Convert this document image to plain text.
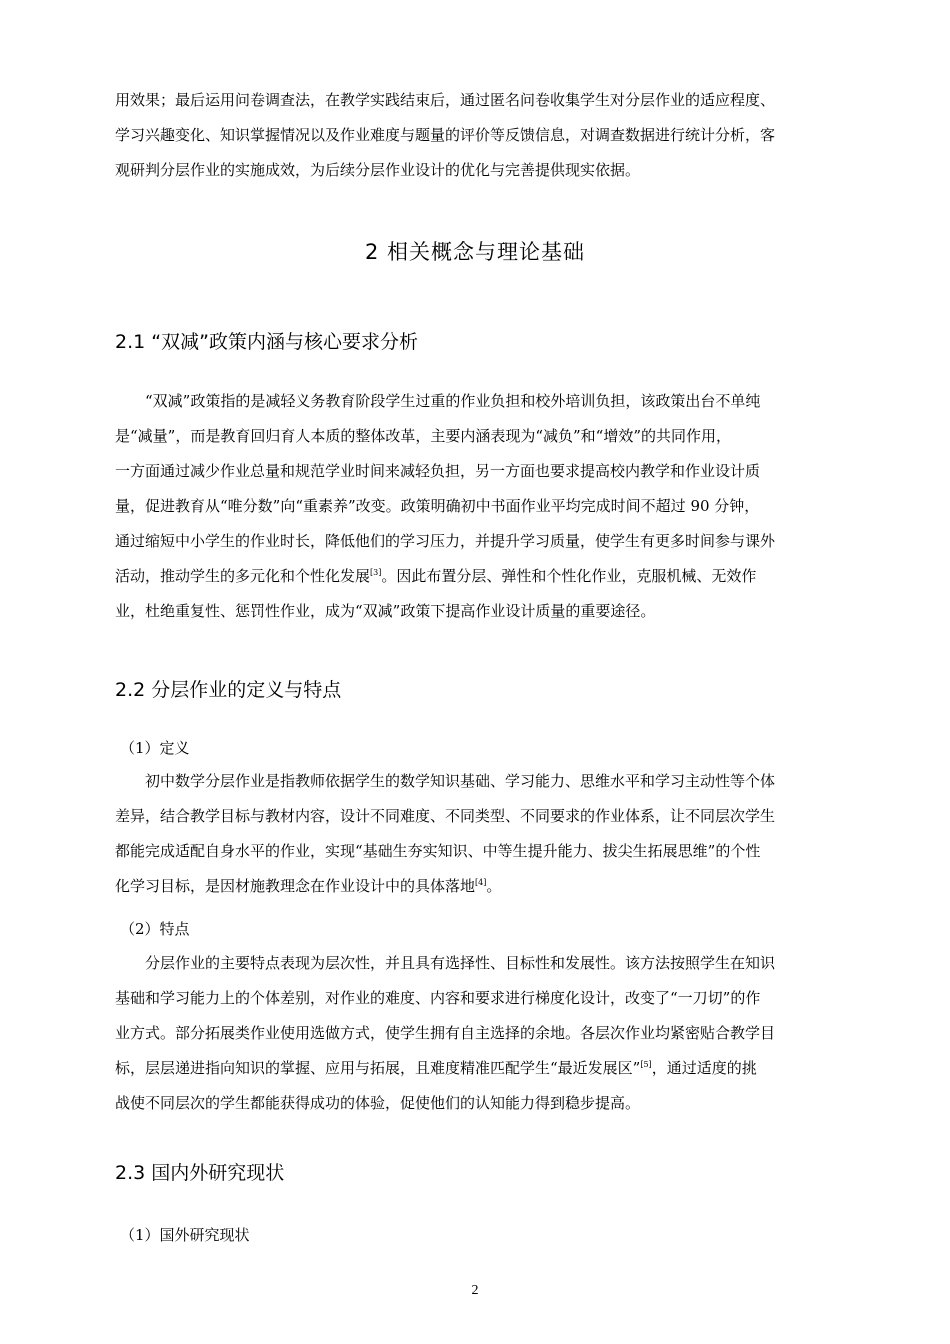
用效果；最后运用问卷调查法，在教学实践结束后，通过匿名问卷收集学生对分层作业的适应程度、
学习兴趣变化、知识掌握情况以及作业难度与题量的评价等反馈信息，对调查数据进行统计分析，客
观研判分层作业的实施成效，为后续分层作业设计的优化与完善提供现实依据。
2 相关概念与理论基础
2.1 “双减”政策内涵与核心要求分析
“双减”政策指的是减轻义务教育阶段学生过重的作业负担和校外培训负担，该政策出台不单纯
是“减量”，而是教育回归育人本质的整体改革，主要内涵表现为“减负”和“增效”的共同作用，
一方面通过减少作业总量和规范学业时间来减轻负担，另一方面也要求提高校内教学和作业设计质
量，促进教育从“唯分数”向“重素养”改变。政策明确初中书面作业平均完成时间不超过 90 分钟，
通过缩短中小学生的作业时长，降低他们的学习压力，并提升学习质量，使学生有更多时间参与课外
活动，推动学生的多元化和个性化发展[3]。因此布置分层、弹性和个性化作业，克服机械、无效作
业，杜绝重复性、惩罚性作业，成为“双减”政策下提高作业设计质量的重要途径。
2.2 分层作业的定义与特点
（1）定义
初中数学分层作业是指教师依据学生的数学知识基础、学习能力、思维水平和学习主动性等个体
差异，结合教学目标与教材内容，设计不同难度、不同类型、不同要求的作业体系，让不同层次学生
都能完成适配自身水平的作业，实现“基础生夯实知识、中等生提升能力、拔尖生拓展思维”的个性
化学习目标，是因材施教理念在作业设计中的具体落地[4]。
（2）特点
分层作业的主要特点表现为层次性，并且具有选择性、目标性和发展性。该方法按照学生在知识
基础和学习能力上的个体差别，对作业的难度、内容和要求进行梯度化设计，改变了“一刀切”的作
业方式。部分拓展类作业使用选做方式，使学生拥有自主选择的余地。各层次作业均紧密贴合教学目
标，层层递进指向知识的掌握、应用与拓展，且难度精准匹配学生“最近发展区”[5]，通过适度的挑
战使不同层次的学生都能获得成功的体验，促使他们的认知能力得到稳步提高。
2.3 国内外研究现状
（1）国外研究现状
2
